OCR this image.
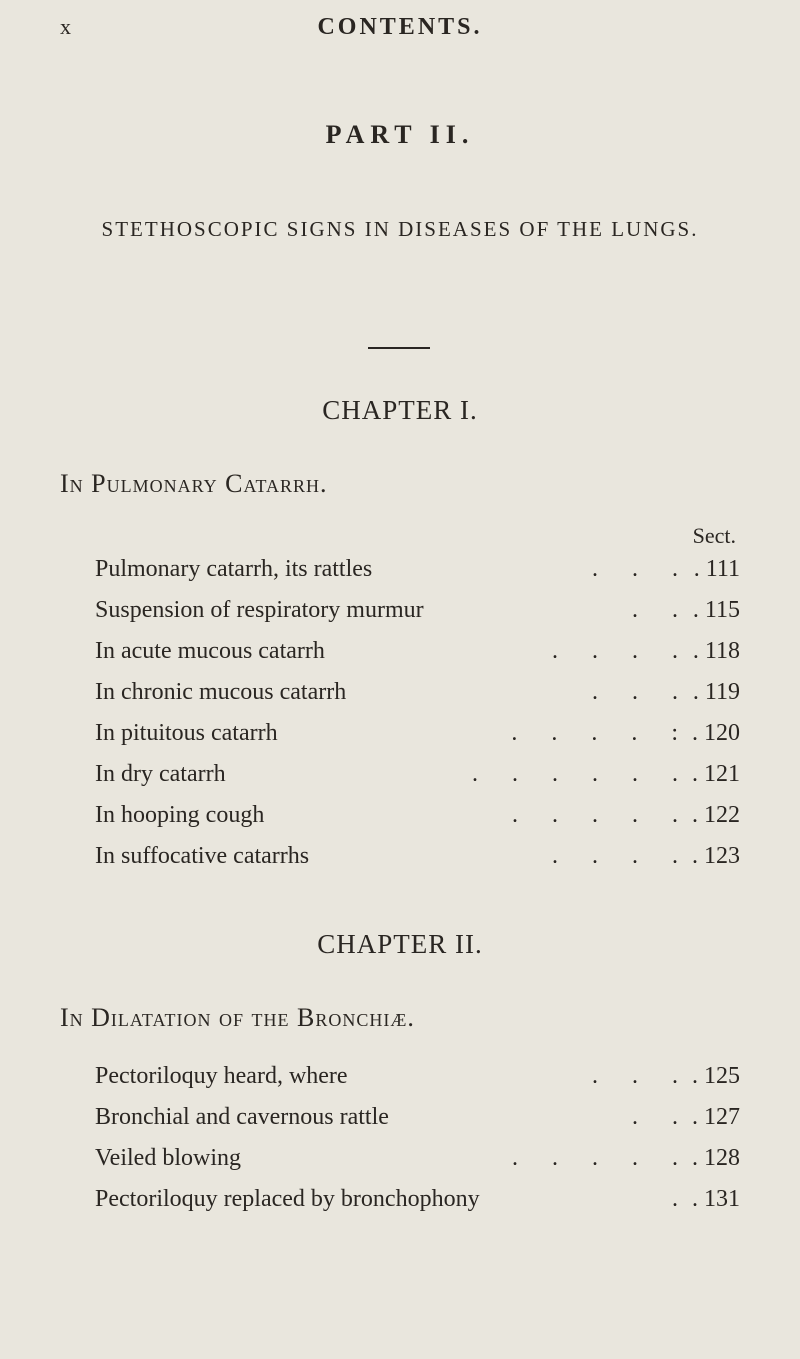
x	CONTENTS.
PART II.
STETHOSCOPIC SIGNS IN DISEASES OF THE LUNGS.
CHAPTER I.
In Pulmonary Catarrh.
Sect.
Pulmonary catarrh, its rattles	.    .    . . 111
Suspension of respiratory murmur	.    . . 115
In acute mucous catarrh	.    .    .    . . 118
In chronic mucous catarrh	.    .    . . 119
In pituitous catarrh	.    .    .    .    : . 120
In dry catarrh	.    .    .    .    .    . . 121
In hooping cough	.    .    .    .    . . 122
In suffocative catarrhs	.    .    .    . . 123
CHAPTER II.
In Dilatation of the Bronchiæ.
Pectoriloquy heard, where	.    .    . . 125
Bronchial and cavernous rattle	.    . . 127
Veiled blowing	.    .    .    .    . . 128
Pectoriloquy replaced by bronchophony	. . 131
